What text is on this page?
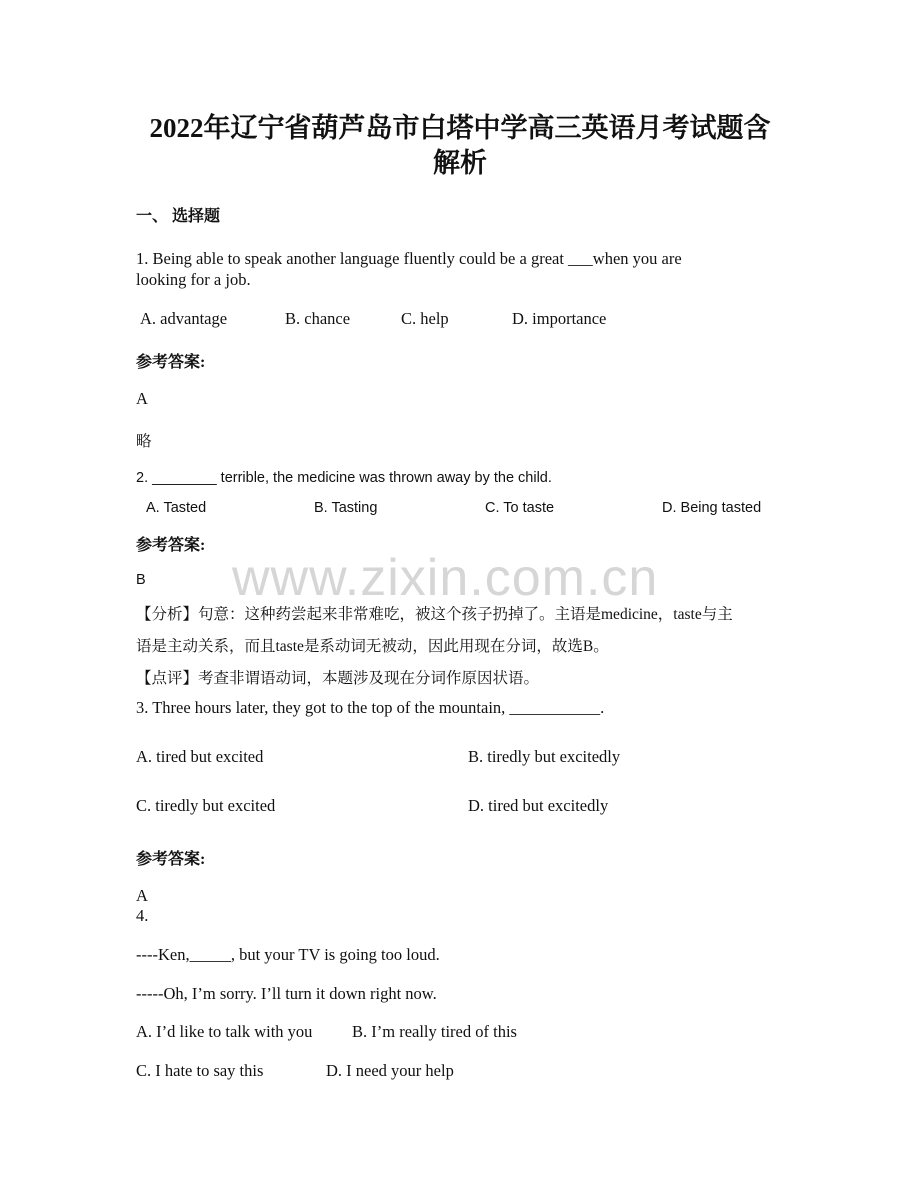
2022年辽宁省葫芦岛市白塔中学高三英语月考试题含
解析
一、 选择题
1. Being able to speak another language fluently could be a great ___when you are
looking for a job.
A. advantage	B. chance	C. help	D. importance
参考答案:
A
略
2. ________ terrible, the medicine was thrown away by the child.
A. Tasted	B. Tasting	C. To taste	D. Being tasted
参考答案:
B www.zixin.com.cn
【分析】句意：这种药尝起来非常难吃，被这个孩子扔掉了。主语是medicine，taste与主
语是主动关系，而且taste是系动词无被动，因此用现在分词，故选B。
【点评】考查非谓语动词，本题涉及现在分词作原因状语。
3. Three hours later, they got to the top of the mountain, ___________.
A. tired but excited	B. tiredly but excitedly
C. tiredly but excited	D. tired but excitedly
参考答案:
A
4.
----Ken,_____, but your TV is going too loud.
-----Oh, I’m sorry. I’ll turn it down right now.
A. I’d like to talk with you B. I’m really tired of this
C. I hate to say this	D. I need your help
